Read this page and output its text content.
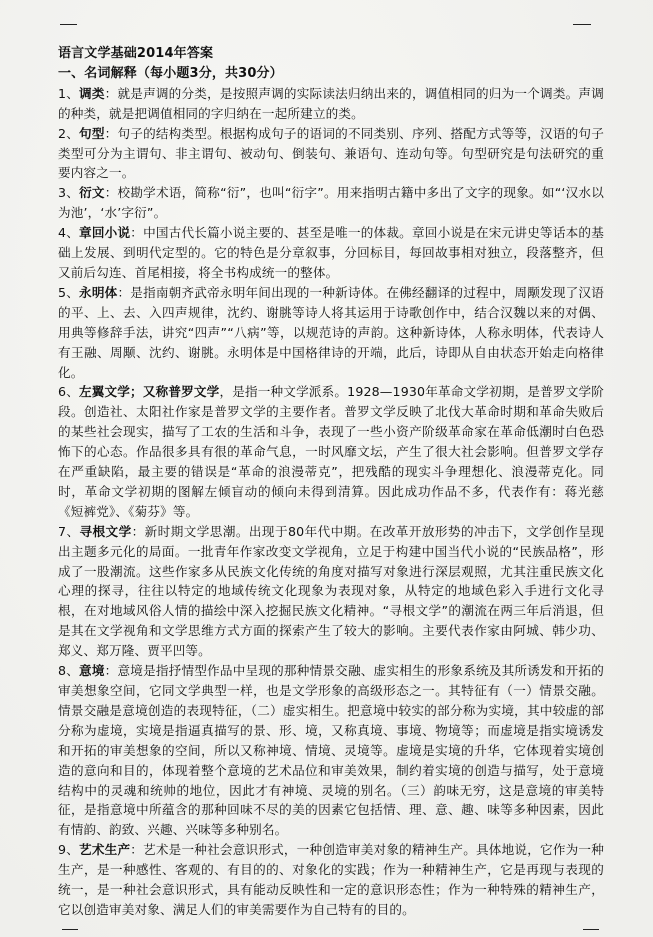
语言文学基础2014年答案

一、名词解释（每小题3分，共30分）

1、调类：就是声调的分类，是按照声调的实际读法归纳出来的，调值相同的归为一个调类。声调的种类，就是把调值相同的字归纳在一起所建立的类。

2、句型：句子的结构类型。根据构成句子的语词的不同类别、序列、搭配方式等等，汉语的句子类型可分为主谓句、非主谓句、被动句、倒装句、兼语句、连动句等。句型研究是句法研究的重要内容之一。

3、衍文：校勘学术语，简称“衍”，也叫“衍字”。用来指明古籍中多出了文字的现象。如“‘汉水以为池’，‘水’字衍”。

4、章回小说：中国古代长篇小说主要的、甚至是唯一的体裁。章回小说是在宋元讲史等话本的基础上发展、到明代定型的。它的特色是分章叙事，分回标目，每回故事相对独立，段落整齐，但又前后勾连、首尾相接，将全书构成统一的整体。

5、永明体：是指南朝齐武帝永明年间出现的一种新诗体。在佛经翻译的过程中，周颙发现了汉语的平、上、去、入四声规律，沈约、谢朓等诗人将其运用于诗歌创作中，结合汉魏以来的对偶、用典等修辞手法，讲究“四声”“八病”等，以规范诗的声韵。这种新诗体，人称永明体，代表诗人有王融、周颙、沈约、谢朓。永明体是中国格律诗的开端，此后，诗即从自由状态开始走向格律化。

6、左翼文学；又称普罗文学，是指一种文学派系。1928—1930年革命文学初期，是普罗文学阶段。创造社、太阳社作家是普罗文学的主要作者。普罗文学反映了北伐大革命时期和革命失败后的某些社会现实，描写了工农的生活和斗争，表现了一些小资产阶级革命家在革命低潮时白色恐怖下的心态。作品很多具有很的革命气息，一时风靡文坛，产生了很大社会影响。但普罗文学存在严重缺陷，最主要的错误是“革命的浪漫蒂克”，把残酷的现实斗争理想化、浪漫蒂克化。同时，革命文学初期的图解左倾盲动的倾向未得到清算。因此成功作品不多，代表作有：蒋光慈《短裤党》、《菊芬》等。

7、寻根文学：新时期文学思潮。出现于80年代中期。在改革开放形势的冲击下，文学创作呈现出主题多元化的局面。一批青年作家改变文学视角，立足于构建中国当代小说的“民族品格”，形成了一股潮流。这些作家多从民族文化传统的角度对描写对象进行深层观照，尤其注重民族文化心理的探寻，往往以特定的地域传统文化现象为表现对象，从特定的地域色彩入手进行文化寻根，在对地域风俗人情的描绘中深入挖掘民族文化精神。“寻根文学”的潮流在两三年后消退，但是其在文学视角和文学思维方式方面的探索产生了较大的影响。主要代表作家由阿城、韩少功、郑义、郑万隆、贾平凹等。

8、意境：意境是指抒情型作品中呈现的那种情景交融、虚实相生的形象系统及其所诱发和开拓的审美想象空间，它同文学典型一样，也是文学形象的高级形态之一。其特征有（一）情景交融。情景交融是意境创造的表现特征，（二）虚实相生。把意境中较实的部分称为实境，其中较虚的部分称为虚境，实境是指逼真描写的景、形、境，又称真境、事境、物境等；而虚境是指实境诱发和开拓的审美想象的空间，所以又称神境、情境、灵境等。虚境是实境的升华，它体现着实境创造的意向和目的，体现着整个意境的艺术品位和审美效果，制约着实境的创造与描写，处于意境结构中的灵魂和统帅的地位，因此才有神境、灵境的别名。（三）韵味无穷，这是意境的审美特征，是指意境中所蕴含的那种回味不尽的美的因素它包括情、理、意、趣、味等多种因素，因此有情韵、韵致、兴趣、兴味等多种别名。

9、艺术生产：艺术是一种社会意识形式，一种创造审美对象的精神生产。具体地说，它作为一种生产，是一种感性、客观的、有目的的、对象化的实践；作为一种精神生产，它是再现与表现的统一，是一种社会意识形式，具有能动反映性和一定的意识形态性；作为一种特殊的精神生产，它以创造审美对象、满足人们的审美需要作为自己特有的目的。
